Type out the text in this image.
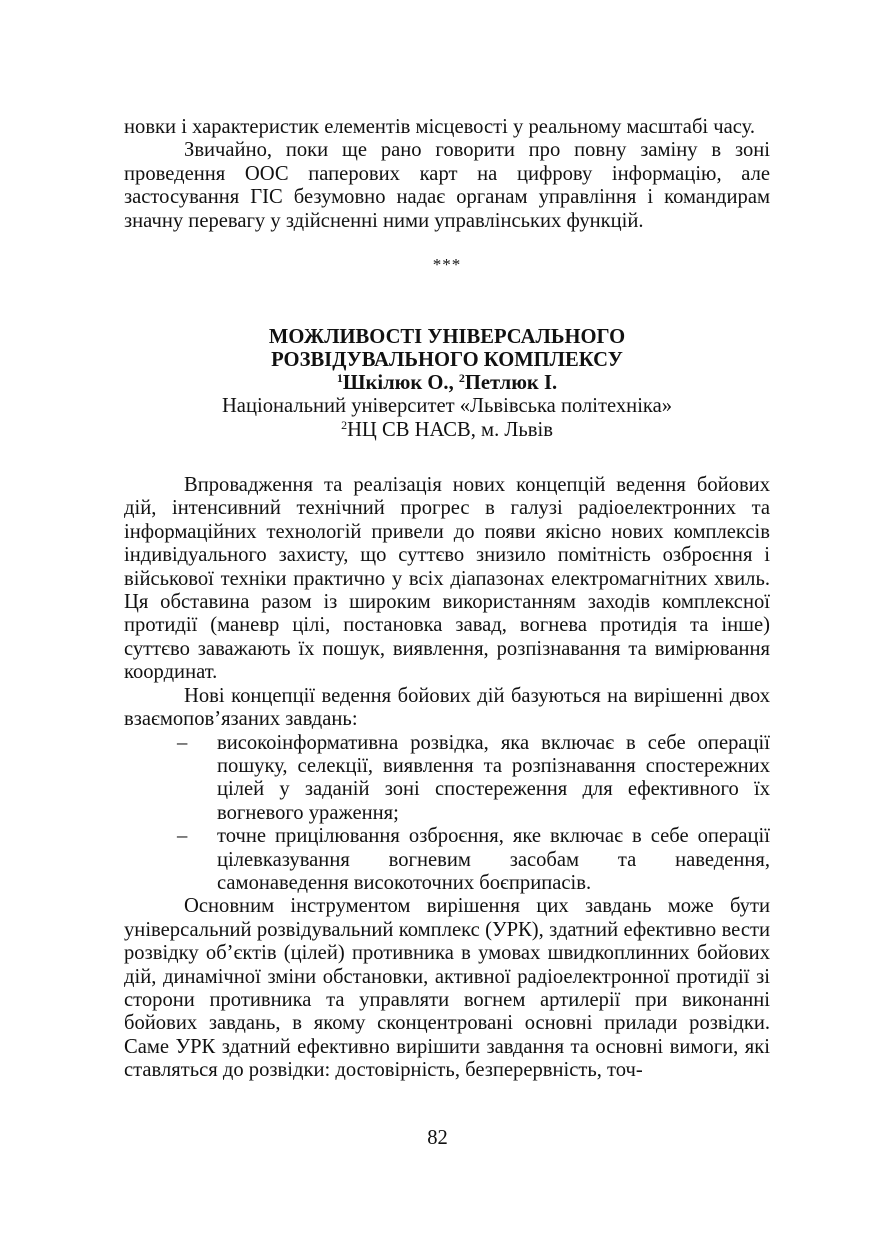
новки і характеристик елементів місцевості у реальному масштабі часу.

Звичайно, поки ще рано говорити про повну заміну в зоні проведення ООС паперових карт на цифрову інформацію, але застосування ГІС безумовно надає органам управління і командирам значну перевагу у здійсненні ними управлінських функцій.

***

МОЖЛИВОСТІ УНІВЕРСАЛЬНОГО

РОЗВІДУВАЛЬНОГО КОМПЛЕКСУ

$^1$Шкілюк О., $^2$Петлюк І.

Національний університет «Львівська політехніка»

$^2$НЦ СВ НАСВ, м. Львів

Впровадження та реалізація нових концепцій ведення бойових дій, інтенсивний технічний прогрес в галузі радіоелектронних та інформаційних технологій привели до появи якісно нових комплексів індивідуального захисту, що суттєво знизило помітність озброєння і військової техніки практично у всіх діапазонах електромагнітних хвиль. Ця обставина разом із широким використанням заходів комплексної протидії (маневр цілі, постановка завад, вогнева протидія та інше) суттєво заважають їх пошук, виявлення, розпізнавання та вимірювання координат.

Нові концепції ведення бойових дій базуються на вирішенні двох взаємопов’язаних завдань:

– високоінформативна розвідка, яка включає в себе операції пошуку, селекції, виявлення та розпізнавання спостережних цілей у заданій зоні спостереження для ефективного їх вогневого ураження;
– точне прицілювання озброєння, яке включає в себе операції цілевказування вогневим засобам та наведення, самонаведення високоточних боєприпасів.

Основним інструментом вирішення цих завдань може бути універсальний розвідувальний комплекс (УРК), здатний ефективно вести розвідку об’єктів (цілей) противника в умовах швидкоплинних бойових дій, динамічної зміни обстановки, активної радіоелектронної протидії зі сторони противника та управляти вогнем артилерії при виконанні бойових завдань, в якому сконцентровані основні прилади розвідки. Саме УРК здатний ефективно вирішити завдання та основні вимоги, які ставляться до розвідки: достовірність, безперервність, точ-

82
